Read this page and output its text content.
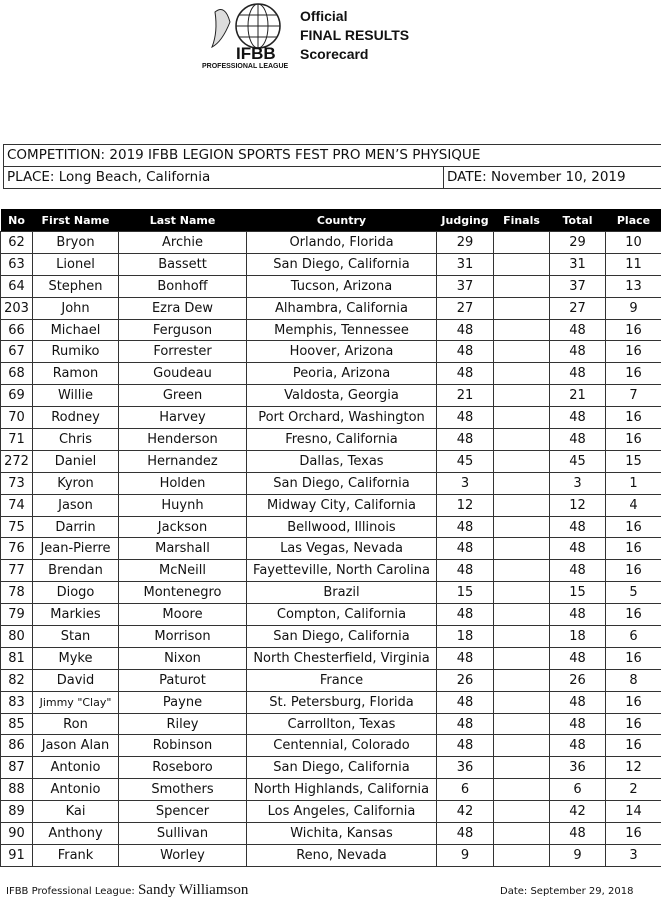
IFBB
PROFESSIONAL LEAGUE
Official
FINAL RESULTS
Scorecard
COMPETITION: 2019 IFBB LEGION SPORTS FEST PRO MEN’S PHYSIQUE
PLACE: Long Beach, California	DATE: November 10, 2019
No	First Name	Last Name	Country	Judging	Finals	Total	Place
62	Bryon	Archie	Orlando, Florida	29		29	10
63	Lionel	Bassett	San Diego, California	31		31	11
64	Stephen	Bonhoff	Tucson, Arizona	37		37	13
203	John	Ezra Dew	Alhambra, California	27		27	9
66	Michael	Ferguson	Memphis, Tennessee	48		48	16
67	Rumiko	Forrester	Hoover, Arizona	48		48	16
68	Ramon	Goudeau	Peoria, Arizona	48		48	16
69	Willie	Green	Valdosta, Georgia	21		21	7
70	Rodney	Harvey	Port Orchard, Washington	48		48	16
71	Chris	Henderson	Fresno, California	48		48	16
272	Daniel	Hernandez	Dallas, Texas	45		45	15
73	Kyron	Holden	San Diego, California	3		3	1
74	Jason	Huynh	Midway City, California	12		12	4
75	Darrin	Jackson	Bellwood, Illinois	48		48	16
76	Jean-Pierre	Marshall	Las Vegas, Nevada	48		48	16
77	Brendan	McNeill	Fayetteville, North Carolina	48		48	16
78	Diogo	Montenegro	Brazil	15		15	5
79	Markies	Moore	Compton, California	48		48	16
80	Stan	Morrison	San Diego, California	18		18	6
81	Myke	Nixon	North Chesterfield, Virginia	48		48	16
82	David	Paturot	France	26		26	8
83	Jimmy "Clay"	Payne	St. Petersburg, Florida	48		48	16
85	Ron	Riley	Carrollton, Texas	48		48	16
86	Jason Alan	Robinson	Centennial, Colorado	48		48	16
87	Antonio	Roseboro	San Diego, California	36		36	12
88	Antonio	Smothers	North Highlands, California	6		6	2
89	Kai	Spencer	Los Angeles, California	42		42	14
90	Anthony	Sullivan	Wichita, Kansas	48		48	16
91	Frank	Worley	Reno, Nevada	9		9	3
IFBB Professional League: Sandy Williamson	Date: September 29, 2018
